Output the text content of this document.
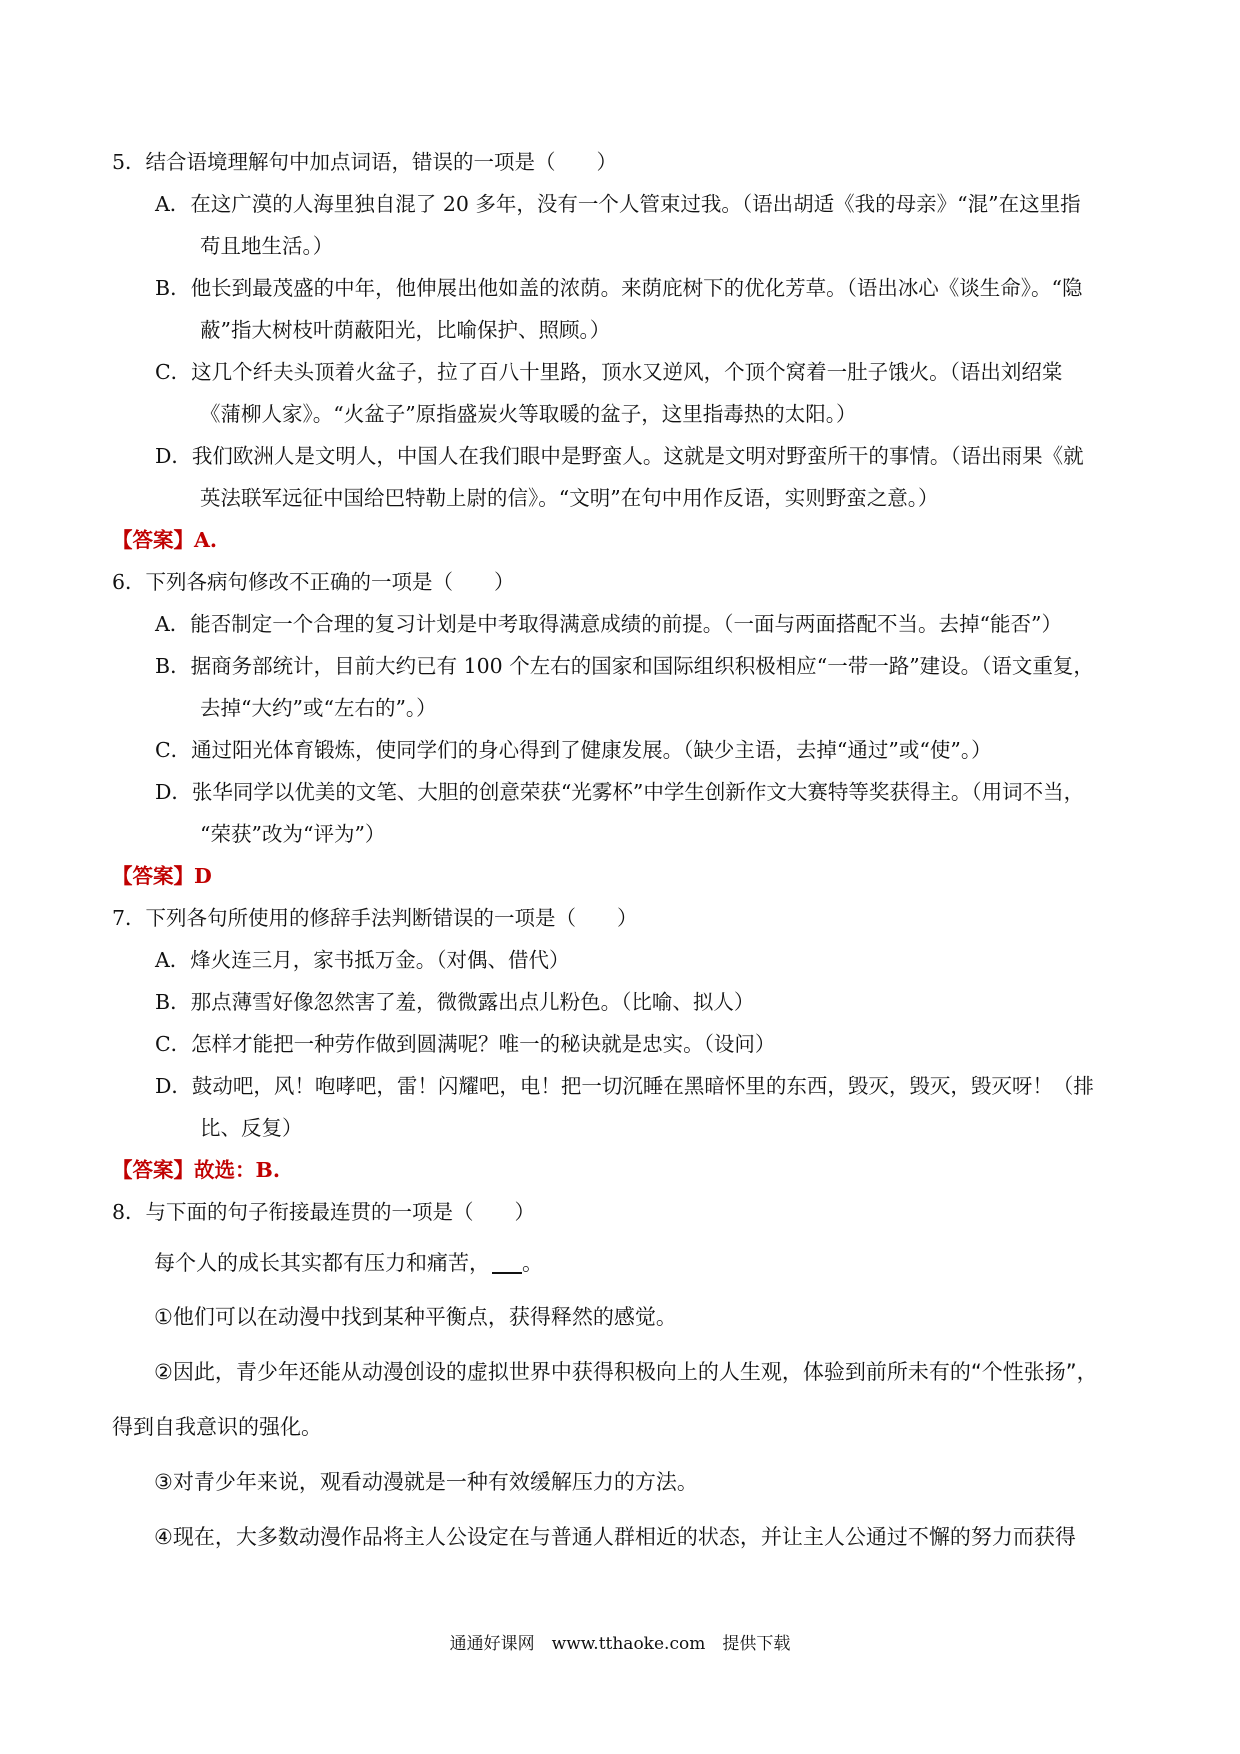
5．结合语境理解句中加点词语，错误的一项是（　　）
A．在这广漠的人海里独自混了 20 多年，没有一个人管束过我。（语出胡适《我的母亲》“混”在这里指
苟且地生活。）
B．他长到最茂盛的中年，他伸展出他如盖的浓荫。来荫庇树下的优化芳草。（语出冰心《谈生命》。“隐
蔽”指大树枝叶荫蔽阳光，比喻保护、照顾。）
C．这几个纤夫头顶着火盆子，拉了百八十里路，顶水又逆风，个顶个窝着一肚子饿火。（语出刘绍棠
《蒲柳人家》。“火盆子”原指盛炭火等取暖的盆子，这里指毒热的太阳。）
D．我们欧洲人是文明人，中国人在我们眼中是野蛮人。这就是文明对野蛮所干的事情。（语出雨果《就
英法联军远征中国给巴特勒上尉的信》。“文明”在句中用作反语，实则野蛮之意。）
【答案】A.
6．下列各病句修改不正确的一项是（　　）
A．能否制定一个合理的复习计划是中考取得满意成绩的前提。（一面与两面搭配不当。去掉“能否”）
B．据商务部统计，目前大约已有 100 个左右的国家和国际组织积极相应“一带一路”建设。（语文重复，
去掉“大约”或“左右的”。）
C．通过阳光体育锻炼，使同学们的身心得到了健康发展。（缺少主语，去掉“通过”或“使”。）
D．张华同学以优美的文笔、大胆的创意荣获“光雾杯”中学生创新作文大赛特等奖获得主。（用词不当，
“荣获”改为“评为”）
【答案】D
7．下列各句所使用的修辞手法判断错误的一项是（　　）
A．烽火连三月，家书抵万金。（对偶、借代）
B．那点薄雪好像忽然害了羞，微微露出点儿粉色。（比喻、拟人）
C．怎样才能把一种劳作做到圆满呢？唯一的秘诀就是忠实。（设问）
D．鼓动吧，风！咆哮吧，雷！闪耀吧，电！把一切沉睡在黑暗怀里的东西，毁灭，毁灭，毁灭呀！（排
比、反复）
【答案】故选：B.
8．与下面的句子衔接最连贯的一项是（　　）
每个人的成长其实都有压力和痛苦， 。
①他们可以在动漫中找到某种平衡点，获得释然的感觉。
②因此，青少年还能从动漫创设的虚拟世界中获得积极向上的人生观，体验到前所未有的“个性张扬”，
得到自我意识的强化。
③对青少年来说，观看动漫就是一种有效缓解压力的方法。
④现在，大多数动漫作品将主人公设定在与普通人群相近的状态，并让主人公通过不懈的努力而获得
通通好课网　www.tthaoke.com　提供下载
